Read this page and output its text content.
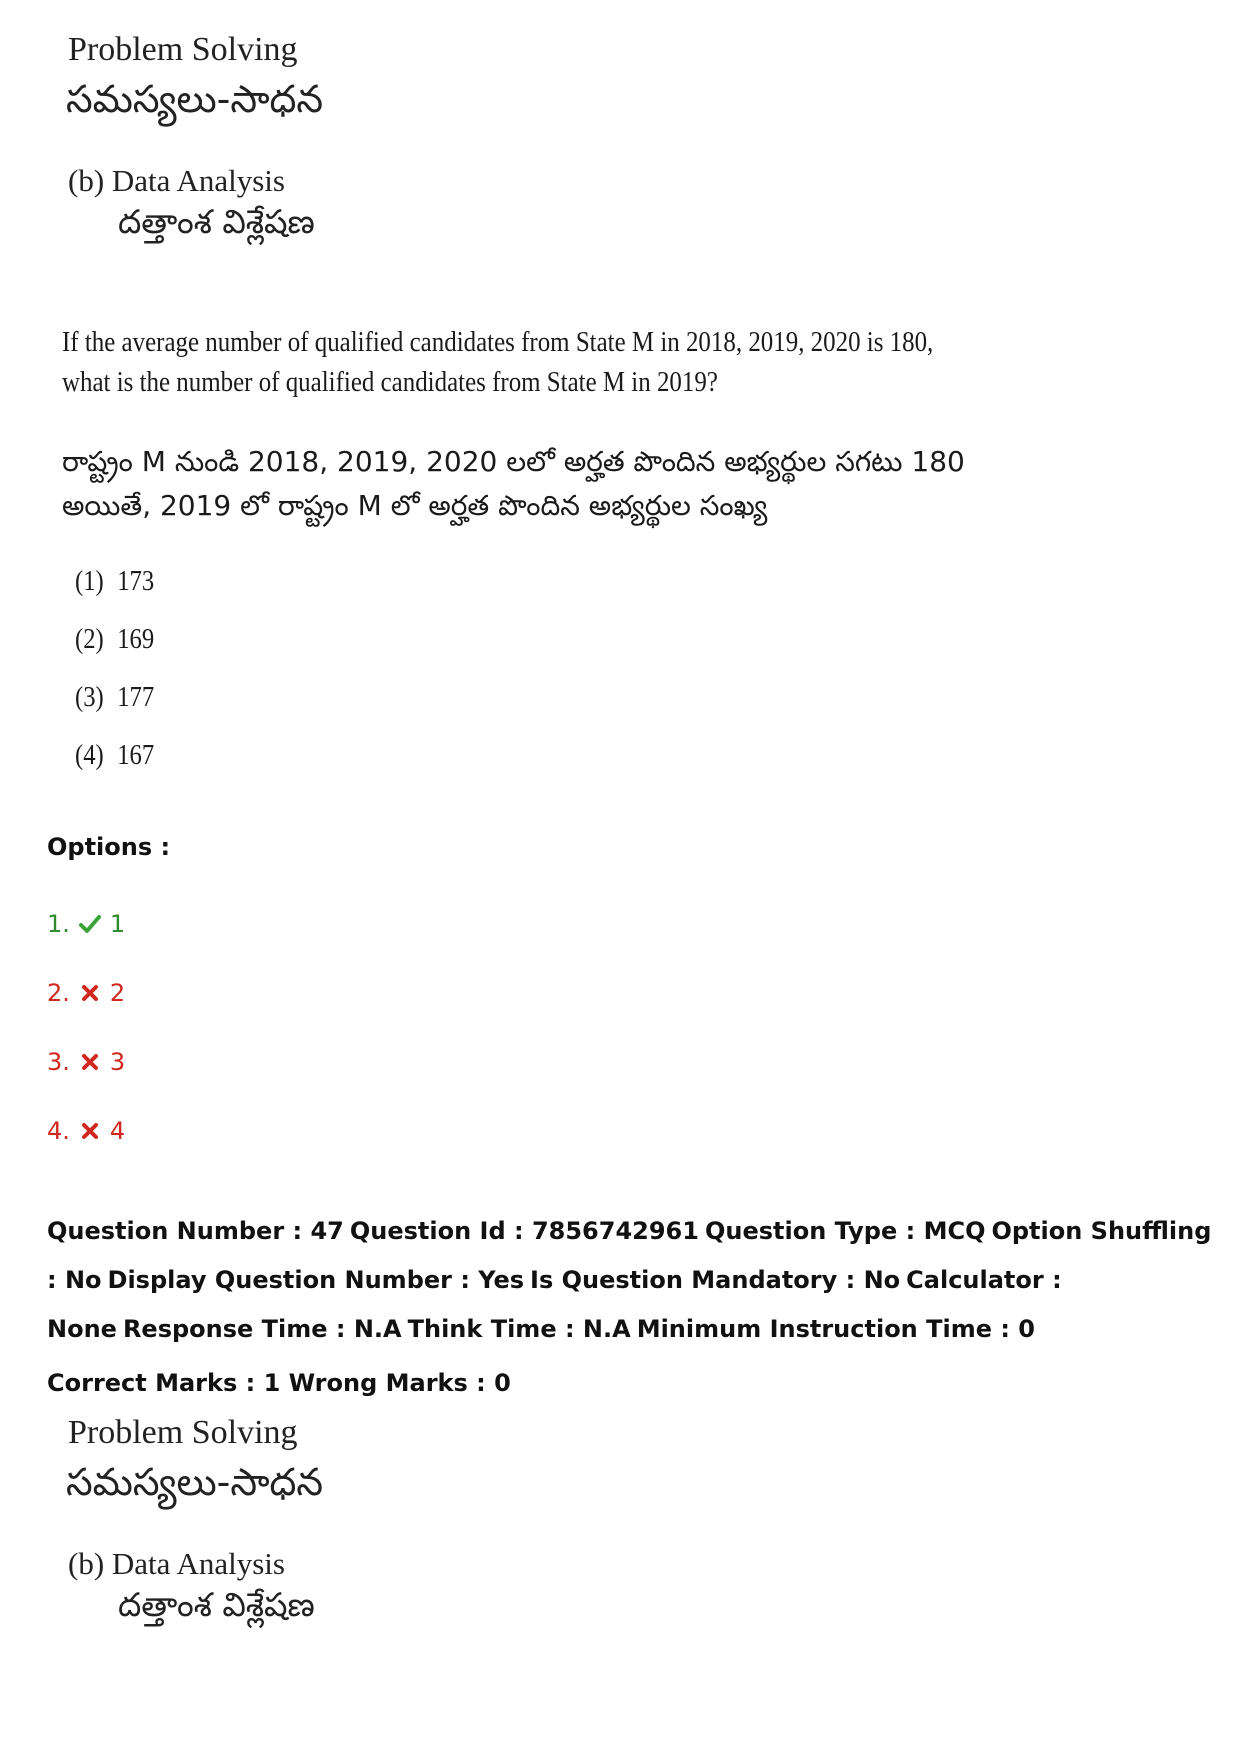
Problem Solving
సమస్యలు-సాధన
(b) Data Analysis
దత్తాంశ విశ్లేషణ
If the average number of qualified candidates from State M in 2018, 2019, 2020 is 180,
what is the number of qualified candidates from State M in 2019?
రాష్ట్రం M నుండి 2018, 2019, 2020 లలో అర్హత పొందిన అభ్యర్థుల సగటు 180
అయితే, 2019 లో రాష్ట్రం M లో అర్హత పొందిన అభ్యర్థుల సంఖ్య
(1) 173
(2) 169
(3) 177
(4) 167
Options :
1. 1
2. 2
3. 3
4. 4
Question Number : 47 Question Id : 7856742961 Question Type : MCQ Option Shuffling : No Display Question Number : Yes Is Question Mandatory : No Calculator : None Response Time : N.A Think Time : N.A Minimum Instruction Time : 0
Correct Marks : 1 Wrong Marks : 0
Problem Solving
సమస్యలు-సాధన
(b) Data Analysis
దత్తాంశ విశ్లేషణ
